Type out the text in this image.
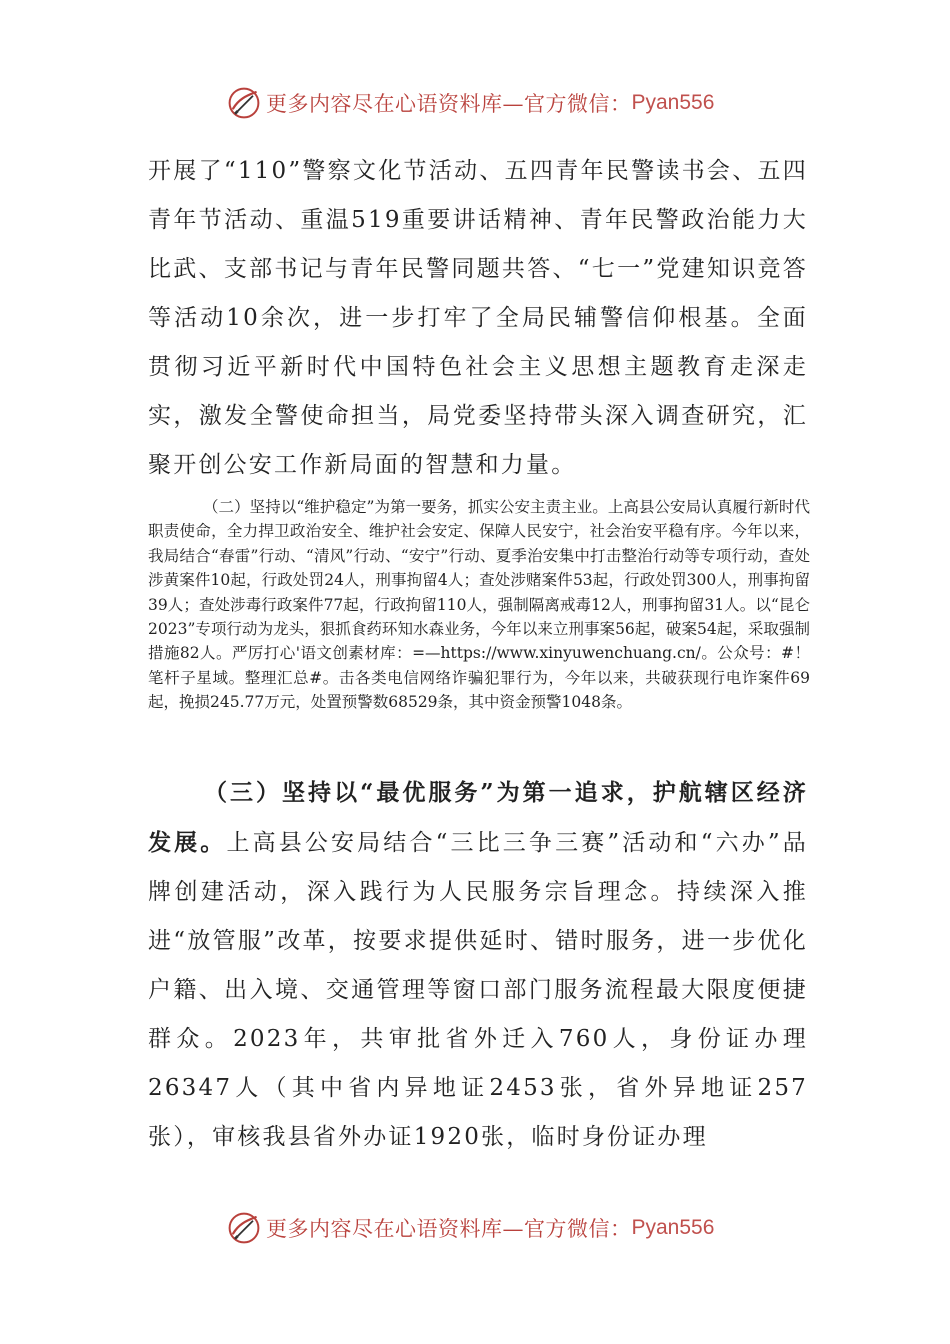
更多内容尽在心语资料库—官方微信： Pyan556

开展了“110”警察文化节活动、五四青年民警读书会、五四青年节活动、重温519重要讲话精神、青年民警政治能力大比武、支部书记与青年民警同题共答、“七一”党建知识竞答等活动10余次，进一步打牢了全局民辅警信仰根基。全面贯彻习近平新时代中国特色社会主义思想主题教育走深走实，激发全警使命担当，局党委坚持带头深入调查研究，汇聚开创公安工作新局面的智慧和力量。

（二）坚持以“维护稳定”为第一要务，抓实公安主责主业。上高县公安局认真履行新时代职责使命，全力捍卫政治安全、维护社会安定、保障人民安宁，社会治安平稳有序。今年以来，我局结合“春雷”行动、“清风”行动、“安宁”行动、夏季治安集中打击整治行动等专项行动，查处涉黄案件10起，行政处罚24人，刑事拘留4人；查处涉赌案件53起，行政处罚300人，刑事拘留39人；查处涉毒行政案件77起，行政拘留110人，强制隔离戒毒12人，刑事拘留31人。以“昆仑2023”专项行动为龙头，狠抓食药环知水森业务，今年以来立刑事案56起，破案54起，采取强制措施82人。严厉打心'语文创素材库：=—https://www.xinyuwenchuang.cn/。公众号：#！笔杆子星域。整理汇总#。击各类电信网络诈骗犯罪行为，今年以来，共破获现行电诈案件69起，挽损245.77万元，处置预警数68529条，其中资金预警1048条。

（三）坚持以“最优服务”为第一追求，护航辖区经济发展。上高县公安局结合“三比三争三赛”活动和“六办”品牌创建活动，深入践行为人民服务宗旨理念。持续深入推进“放管服”改革，按要求提供延时、错时服务，进一步优化户籍、出入境、交通管理等窗口部门服务流程最大限度便捷群众。2023年，共审批省外迁入760人，身份证办理26347人（其中省内异地证2453张，省外异地证257张），审核我县省外办证1920张，临时身份证办理

更多内容尽在心语资料库—官方微信： Pyan556
